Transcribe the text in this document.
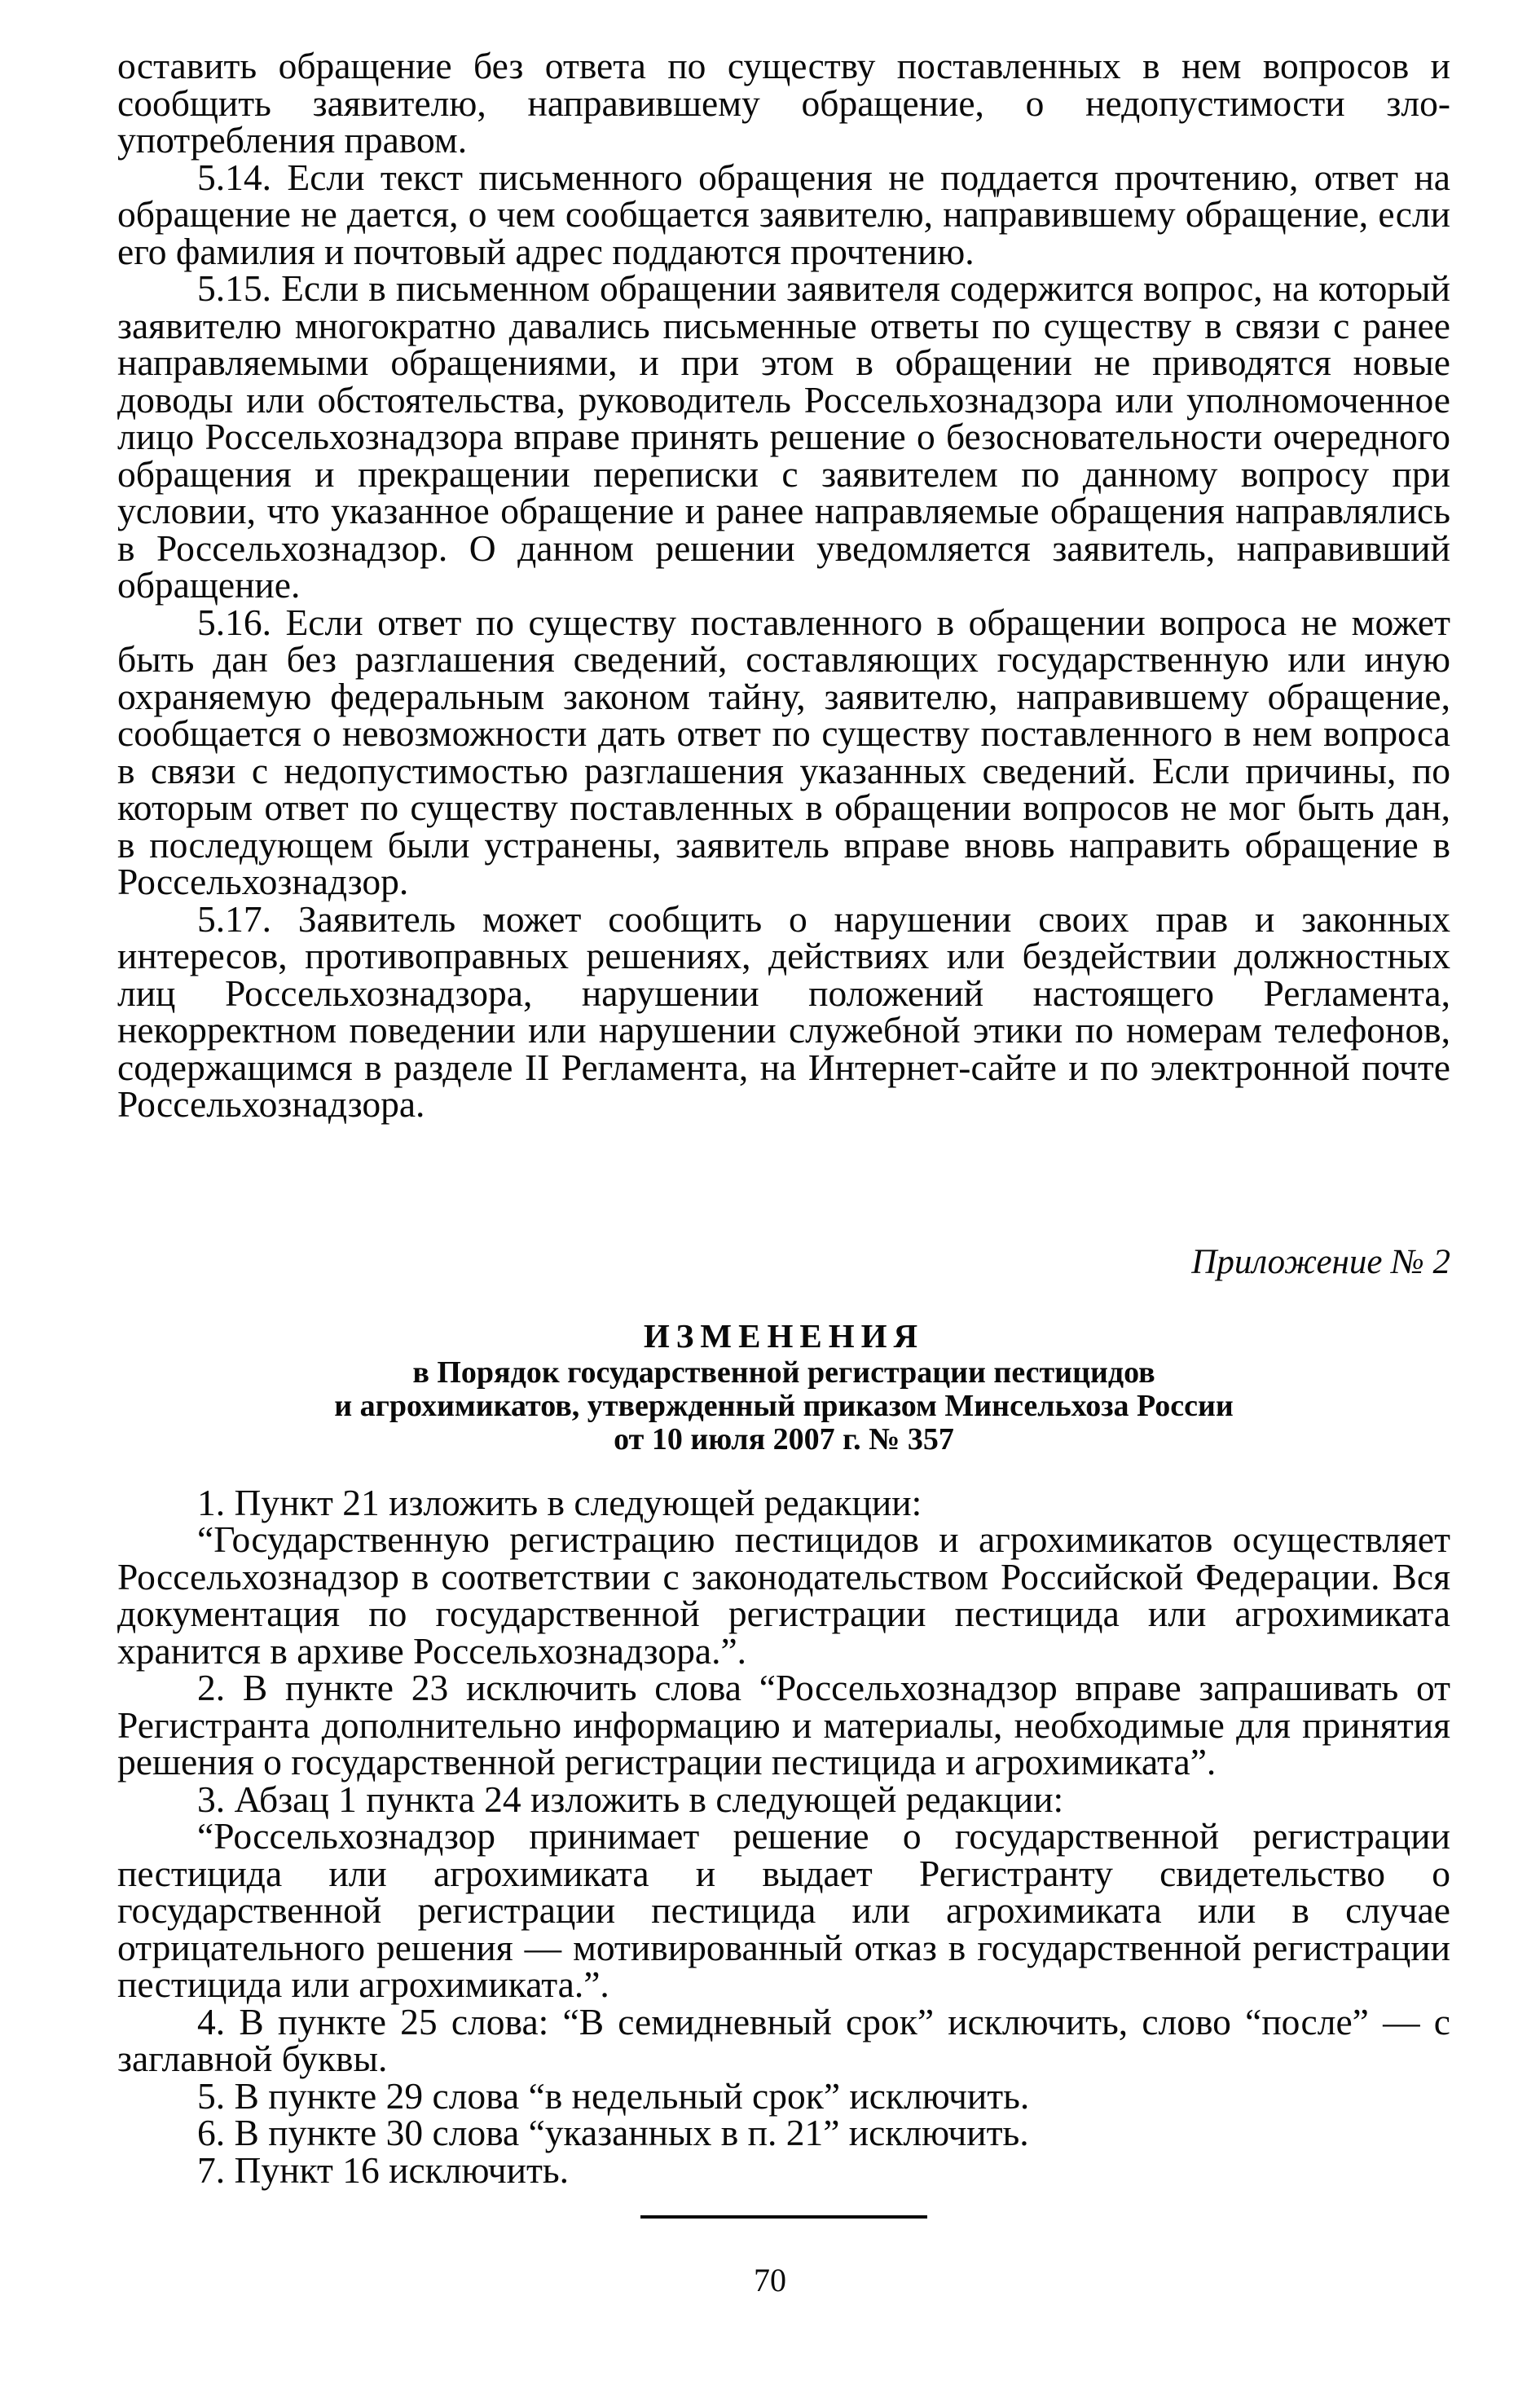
оставить обращение без ответа по существу поставленных в нем вопросов и сообщить заявителю, направившему обращение, о недопустимости злоупотребления правом.

5.14. Если текст письменного обращения не поддается прочтению, ответ на обращение не дается, о чем сообщается заявителю, направившему обращение, если его фамилия и почтовый адрес поддаются прочтению.

5.15. Если в письменном обращении заявителя содержится вопрос, на который заявителю многократно давались письменные ответы по существу в связи с ранее направляемыми обращениями, и при этом в обращении не приводятся новые доводы или обстоятельства, руководитель Россельхознадзора или уполномоченное лицо Россельхознадзора вправе принять решение о безосновательности очередного обращения и прекращении переписки с заявителем по данному вопросу при условии, что указанное обращение и ранее направляемые обращения направлялись в Россельхознадзор. О данном решении уведомляется заявитель, направивший обращение.

5.16. Если ответ по существу поставленного в обращении вопроса не может быть дан без разглашения сведений, составляющих государственную или иную охраняемую федеральным законом тайну, заявителю, направившему обращение, сообщается о невозможности дать ответ по существу поставленного в нем вопроса в связи с недопустимостью разглашения указанных сведений. Если причины, по которым ответ по существу поставленных в обращении вопросов не мог быть дан, в последующем были устранены, заявитель вправе вновь направить обращение в Россельхознадзор.

5.17. Заявитель может сообщить о нарушении своих прав и законных интересов, противоправных решениях, действиях или бездействии должностных лиц Россельхознадзора, нарушении положений настоящего Регламента, некорректном поведении или нарушении служебной этики по номерам телефонов, содержащимся в разделе II Регламента, на Интернет-сайте и по электронной почте Россельхознадзора.

Приложение № 2

ИЗМЕНЕНИЯ

в Порядок государственной регистрации пестицидов

и агрохимикатов, утвержденный приказом Минсельхоза России

от 10 июля 2007 г. № 357

1. Пункт 21 изложить в следующей редакции:

“Государственную регистрацию пестицидов и агрохимикатов осуществляет Россельхознадзор в соответствии с законодательством Российской Федерации. Вся документация по государственной регистрации пестицида или агрохимиката хранится в архиве Россельхознадзора.”.

2. В пункте 23 исключить слова “Россельхознадзор вправе запрашивать от Регистранта дополнительно информацию и материалы, необходимые для принятия решения о государственной регистрации пестицида и агрохимиката”.

3. Абзац 1 пункта 24 изложить в следующей редакции:

“Россельхознадзор принимает решение о государственной регистрации пестицида или агрохимиката и выдает Регистранту свидетельство о государственной регистрации пестицида или агрохимиката или в случае отрицательного решения — мотивированный отказ в государственной регистрации пестицида или агрохимиката.”.

4. В пункте 25 слова: “В семидневный срок” исключить, слово “после” — с заглавной буквы.

5. В пункте 29 слова “в недельный срок” исключить.

6. В пункте 30 слова “указанных в п. 21” исключить.

7. Пункт 16 исключить.

70
